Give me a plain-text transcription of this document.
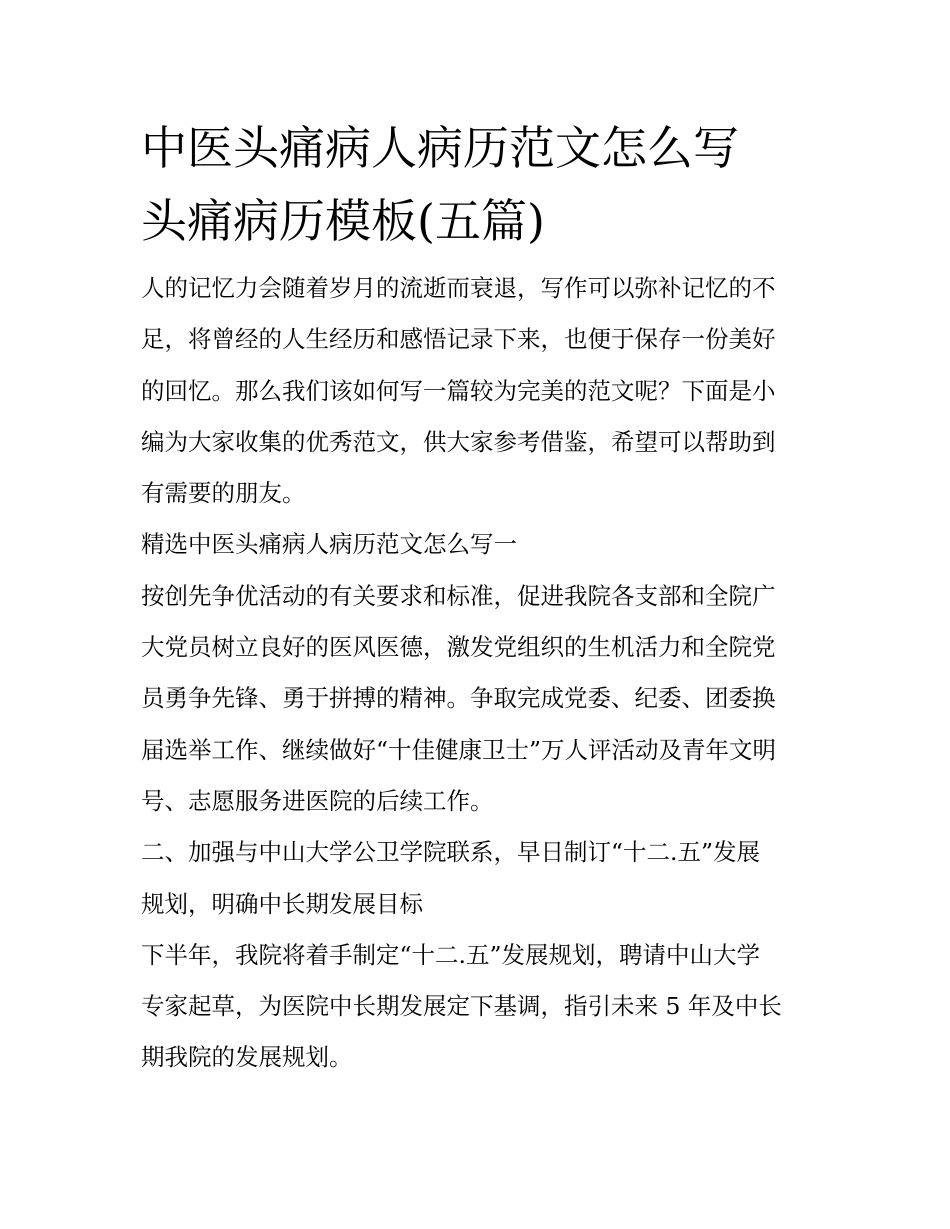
中医头痛病人病历范文怎么写
头痛病历模板(五篇)

人的记忆力会随着岁月的流逝而衰退，写作可以弥补记忆的不
足，将曾经的人生经历和感悟记录下来，也便于保存一份美好
的回忆。那么我们该如何写一篇较为完美的范文呢？下面是小
编为大家收集的优秀范文，供大家参考借鉴，希望可以帮助到
有需要的朋友。

精选中医头痛病人病历范文怎么写一

按创先争优活动的有关要求和标准，促进我院各支部和全院广
大党员树立良好的医风医德，激发党组织的生机活力和全院党
员勇争先锋、勇于拼搏的精神。争取完成党委、纪委、团委换
届选举工作、继续做好“十佳健康卫士”万人评活动及青年文明
号、志愿服务进医院的后续工作。

二、加强与中山大学公卫学院联系，早日制订“十二.五”发展
规划，明确中长期发展目标

下半年，我院将着手制定“十二.五”发展规划，聘请中山大学
专家起草，为医院中长期发展定下基调，指引未来 5 年及中长
期我院的发展规划。
